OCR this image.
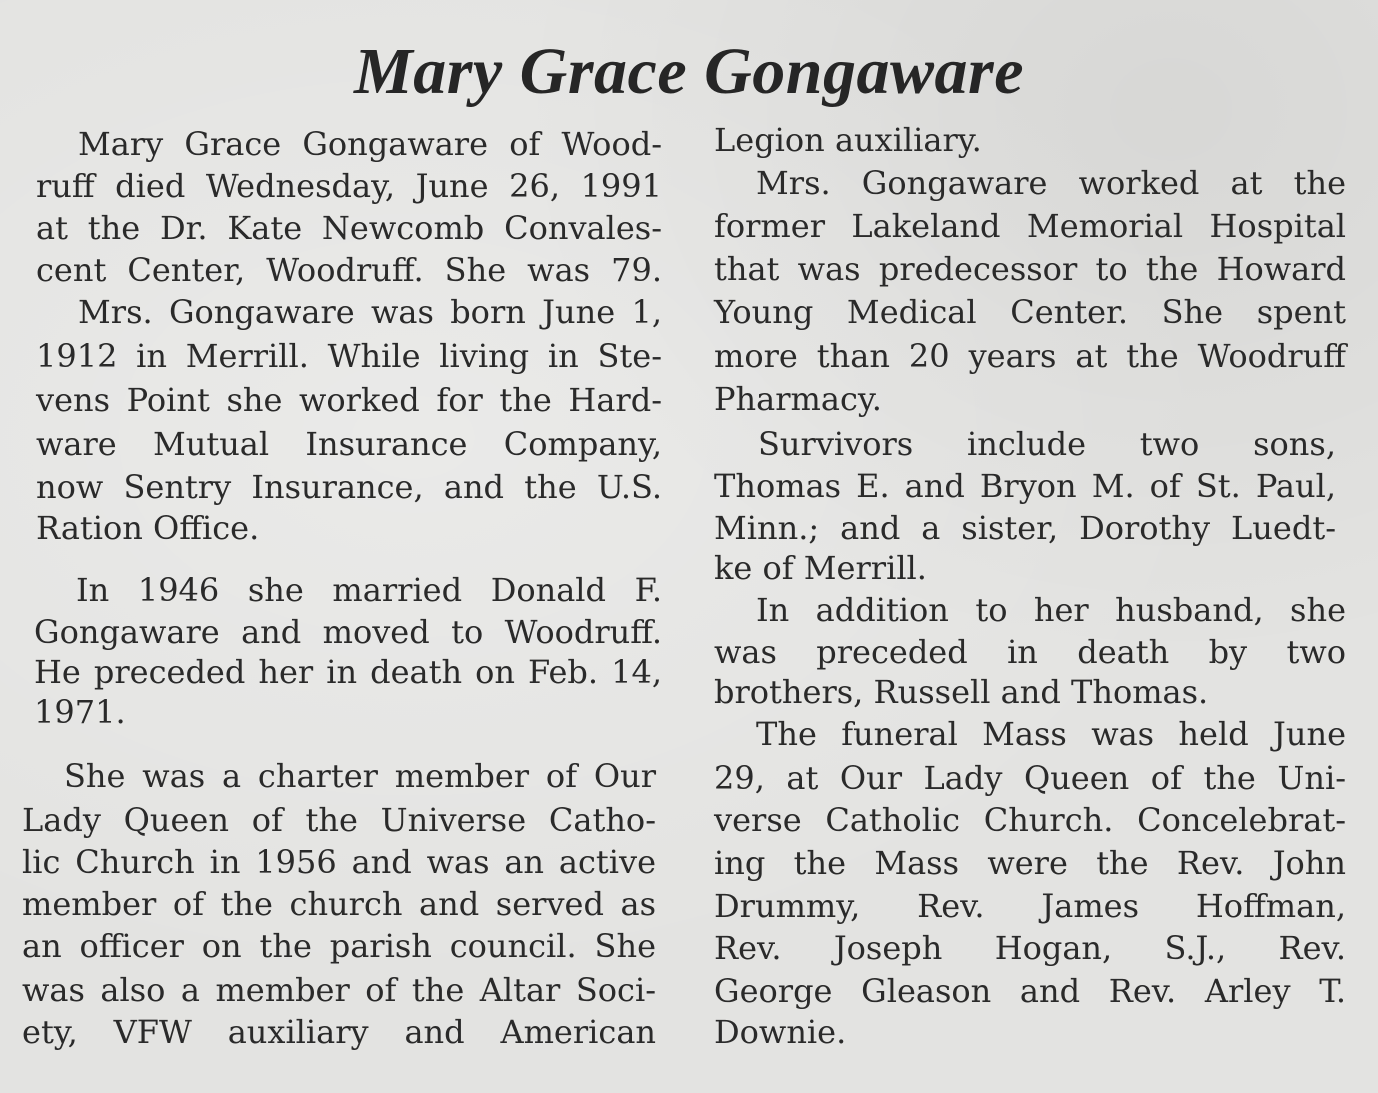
Mary Grace Gongaware
Mary Grace Gongaware of Wood-
ruff died Wednesday, June 26, 1991
at the Dr. Kate Newcomb Convales-
cent Center, Woodruff. She was 79.
Mrs. Gongaware was born June 1,
1912 in Merrill. While living in Ste-
vens Point she worked for the Hard-
ware Mutual Insurance Company,
now Sentry Insurance, and the U.S.
Ration Office.
In 1946 she married Donald F.
Gongaware and moved to Woodruff.
He preceded her in death on Feb. 14,
1971.
She was a charter member of Our
Lady Queen of the Universe Catho-
lic Church in 1956 and was an active
member of the church and served as
an officer on the parish council. She
was also a member of the Altar Soci-
ety, VFW auxiliary and American
Legion auxiliary.
Mrs. Gongaware worked at the
former Lakeland Memorial Hospital
that was predecessor to the Howard
Young Medical Center. She spent
more than 20 years at the Woodruff
Pharmacy.
Survivors include two sons,
Thomas E. and Bryon M. of St. Paul,
Minn.; and a sister, Dorothy Luedt-
ke of Merrill.
In addition to her husband, she
was preceded in death by two
brothers, Russell and Thomas.
The funeral Mass was held June
29, at Our Lady Queen of the Uni-
verse Catholic Church. Concelebrat-
ing the Mass were the Rev. John
Drummy, Rev. James Hoffman,
Rev. Joseph Hogan, S.J., Rev.
George Gleason and Rev. Arley T.
Downie.
